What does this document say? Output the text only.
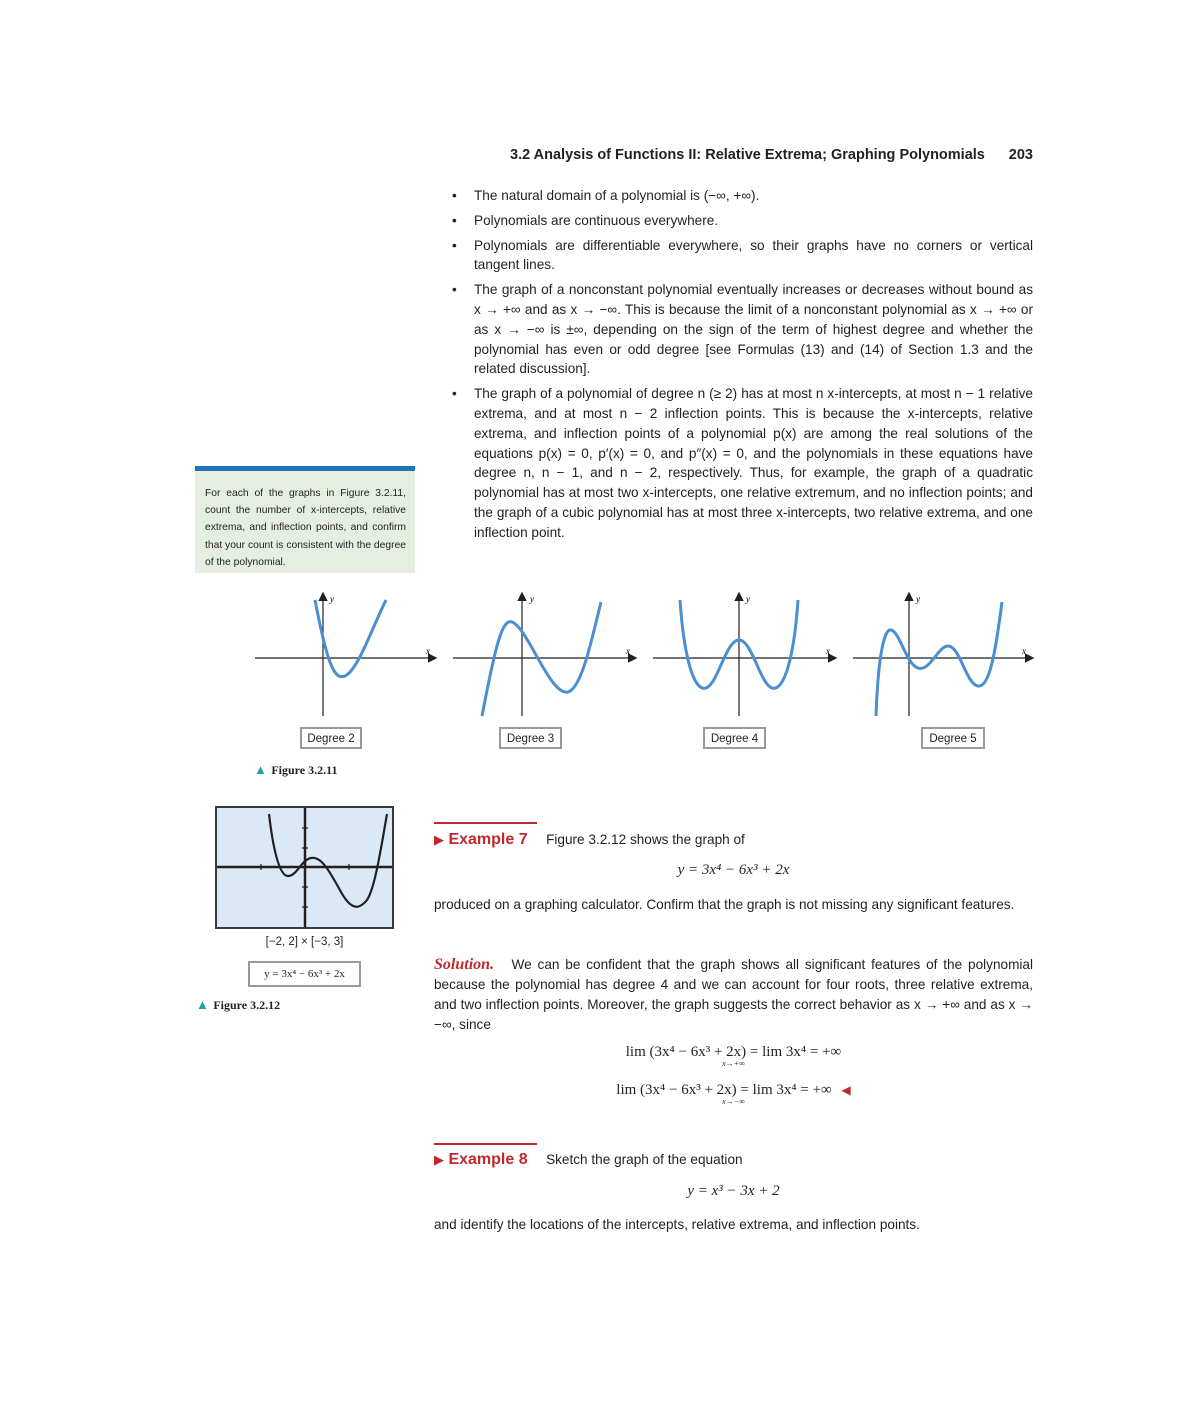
3.2 Analysis of Functions II: Relative Extrema; Graphing Polynomials 203
• The natural domain of a polynomial is (−∞, +∞).
• Polynomials are continuous everywhere.
• Polynomials are differentiable everywhere, so their graphs have no corners or vertical tangent lines.
• The graph of a nonconstant polynomial eventually increases or decreases without bound as x → +∞ and as x → −∞. This is because the limit of a nonconstant polynomial as x → +∞ or as x → −∞ is ±∞, depending on the sign of the term of highest degree and whether the polynomial has even or odd degree [see Formulas (13) and (14) of Section 1.3 and the related discussion].
• The graph of a polynomial of degree n (≥ 2) has at most n x-intercepts, at most n − 1 relative extrema, and at most n − 2 inflection points. This is because the x-intercepts, relative extrema, and inflection points of a polynomial p(x) are among the real solutions of the equations p(x) = 0, p′(x) = 0, and p″(x) = 0, and the polynomials in these equations have degree n, n − 1, and n − 2, respectively. Thus, for example, the graph of a quadratic polynomial has at most two x-intercepts, one relative extremum, and no inflection points; and the graph of a cubic polynomial has at most three x-intercepts, two relative extrema, and one inflection point.
For each of the graphs in Figure 3.2.11, count the number of x-intercepts, relative extrema, and inflection points, and confirm that your count is consistent with the degree of the polynomial.
y
x
y
x
y
x
y
x
Degree 2	Degree 3	Degree 4	Degree 5
▲ Figure 3.2.11
[−2, 2] × [−3, 3]
y = 3x⁴ − 6x³ + 2x
▲ Figure 3.2.12
▶ Example 7 Figure 3.2.12 shows the graph of
y = 3x⁴ − 6x³ + 2x
produced on a graphing calculator. Confirm that the graph is not missing any significant features.
Solution. We can be confident that the graph shows all significant features of the polynomial because the polynomial has degree 4 and we can account for four roots, three relative extrema, and two inflection points. Moreover, the graph suggests the correct behavior as x → +∞ and as x → −∞, since
lim (3x⁴ − 6x³ + 2x) = lim 3x⁴ = +∞
x→+∞
lim (3x⁴ − 6x³ + 2x) = lim 3x⁴ = +∞ ◀
x→−∞
▶ Example 8 Sketch the graph of the equation
y = x³ − 3x + 2
and identify the locations of the intercepts, relative extrema, and inflection points.
